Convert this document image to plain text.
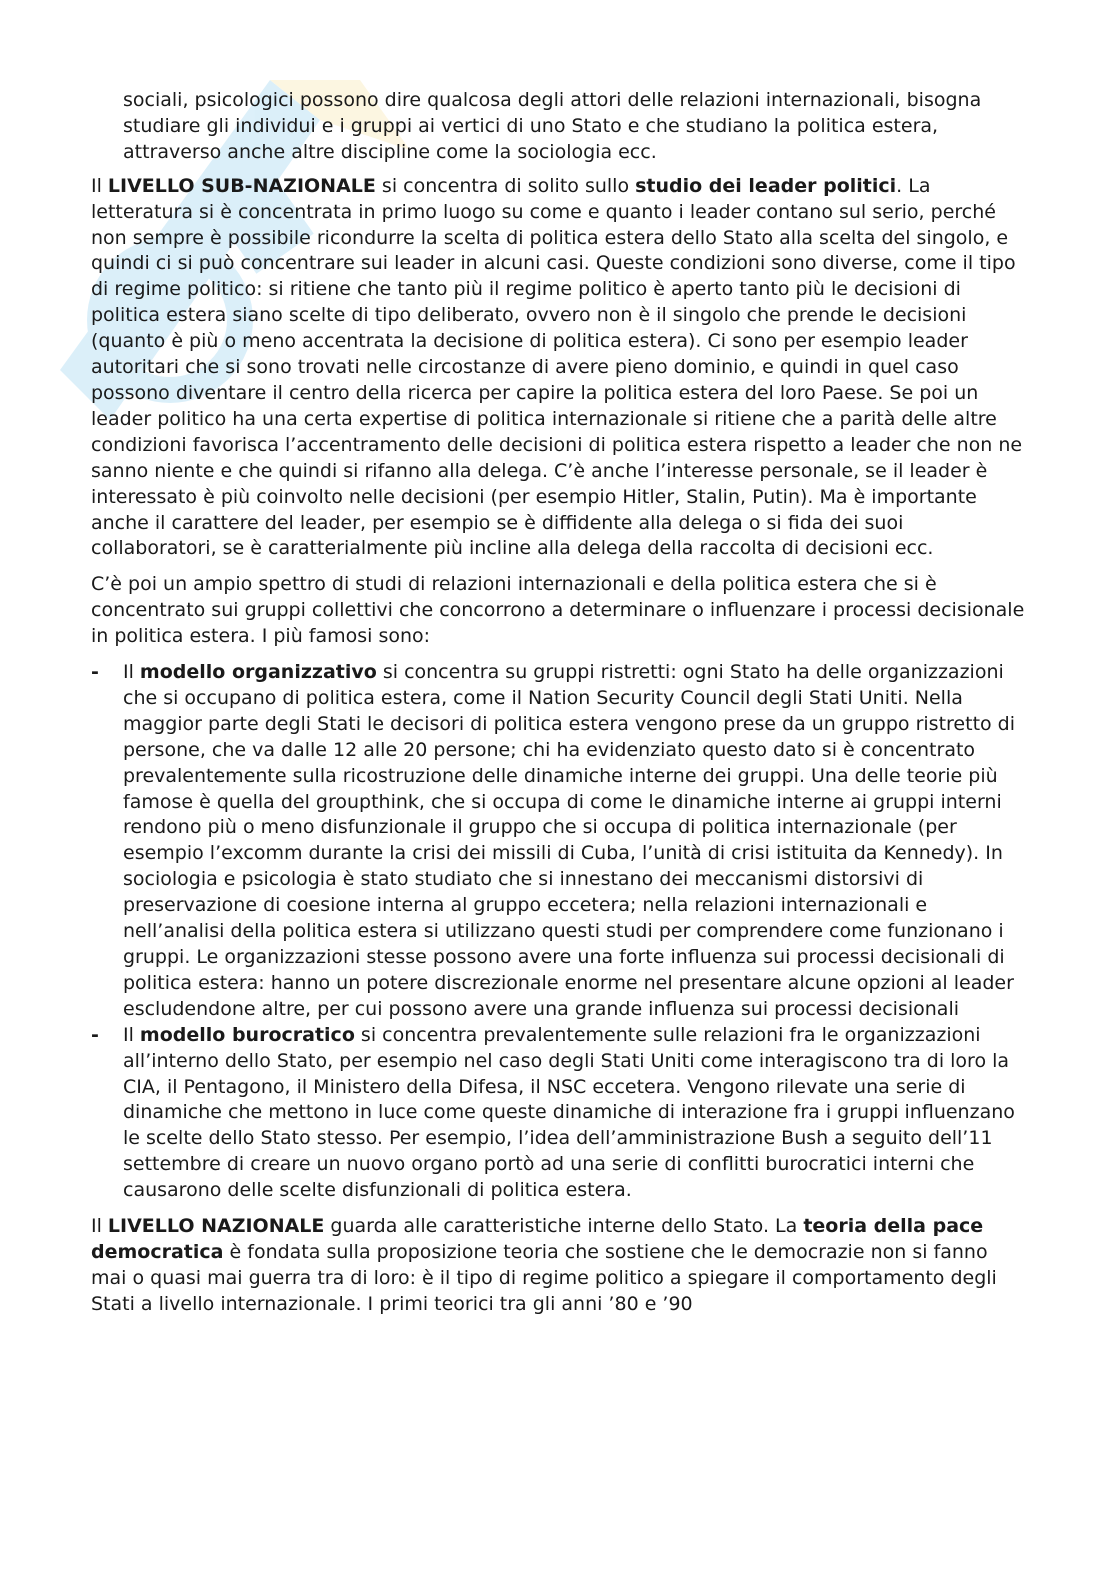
sociali, psicologici possono dire qualcosa degli attori delle relazioni internazionali, bisogna studiare gli individui e i gruppi ai vertici di uno Stato e che studiano la politica estera, attraverso anche altre discipline come la sociologia ecc.

Il LIVELLO SUB-NAZIONALE si concentra di solito sullo studio dei leader politici. La letteratura si è concentrata in primo luogo su come e quanto i leader contano sul serio, perché non sempre è possibile ricondurre la scelta di politica estera dello Stato alla scelta del singolo, e quindi ci si può concentrare sui leader in alcuni casi. Queste condizioni sono diverse, come il tipo di regime politico: si ritiene che tanto più il regime politico è aperto tanto più le decisioni di politica estera siano scelte di tipo deliberato, ovvero non è il singolo che prende le decisioni (quanto è più o meno accentrata la decisione di politica estera). Ci sono per esempio leader autoritari che si sono trovati nelle circostanze di avere pieno dominio, e quindi in quel caso possono diventare il centro della ricerca per capire la politica estera del loro Paese. Se poi un leader politico ha una certa expertise di politica internazionale si ritiene che a parità delle altre condizioni favorisca l’accentramento delle decisioni di politica estera rispetto a leader che non ne sanno niente e che quindi si rifanno alla delega. C’è anche l’interesse personale, se il leader è interessato è più coinvolto nelle decisioni (per esempio Hitler, Stalin, Putin). Ma è importante anche il carattere del leader, per esempio se è diffidente alla delega o si fida dei suoi collaboratori, se è caratterialmente più incline alla delega della raccolta di decisioni ecc.

C’è poi un ampio spettro di studi di relazioni internazionali e della politica estera che si è concentrato sui gruppi collettivi che concorrono a determinare o influenzare i processi decisionale in politica estera. I più famosi sono:

- Il modello organizzativo si concentra su gruppi ristretti: ogni Stato ha delle organizzazioni che si occupano di politica estera, come il Nation Security Council degli Stati Uniti. Nella maggior parte degli Stati le decisori di politica estera vengono prese da un gruppo ristretto di persone, che va dalle 12 alle 20 persone; chi ha evidenziato questo dato si è concentrato prevalentemente sulla ricostruzione delle dinamiche interne dei gruppi. Una delle teorie più famose è quella del groupthink, che si occupa di come le dinamiche interne ai gruppi interni rendono più o meno disfunzionale il gruppo che si occupa di politica internazionale (per esempio l’excomm durante la crisi dei missili di Cuba, l’unità di crisi istituita da Kennedy). In sociologia e psicologia è stato studiato che si innestano dei meccanismi distorsivi di preservazione di coesione interna al gruppo eccetera; nella relazioni internazionali e nell’analisi della politica estera si utilizzano questi studi per comprendere come funzionano i gruppi. Le organizzazioni stesse possono avere una forte influenza sui processi decisionali di politica estera: hanno un potere discrezionale enorme nel presentare alcune opzioni al leader escludendone altre, per cui possono avere una grande influenza sui processi decisionali
- Il modello burocratico si concentra prevalentemente sulle relazioni fra le organizzazioni all’interno dello Stato, per esempio nel caso degli Stati Uniti come interagiscono tra di loro la CIA, il Pentagono, il Ministero della Difesa, il NSC eccetera. Vengono rilevate una serie di dinamiche che mettono in luce come queste dinamiche di interazione fra i gruppi influenzano le scelte dello Stato stesso. Per esempio, l’idea dell’amministrazione Bush a seguito dell’11 settembre di creare un nuovo organo portò ad una serie di conflitti burocratici interni che causarono delle scelte disfunzionali di politica estera.

Il LIVELLO NAZIONALE guarda alle caratteristiche interne dello Stato. La teoria della pace democratica è fondata sulla proposizione teoria che sostiene che le democrazie non si fanno mai o quasi mai guerra tra di loro: è il tipo di regime politico a spiegare il comportamento degli Stati a livello internazionale. I primi teorici tra gli anni ’80 e ’90
